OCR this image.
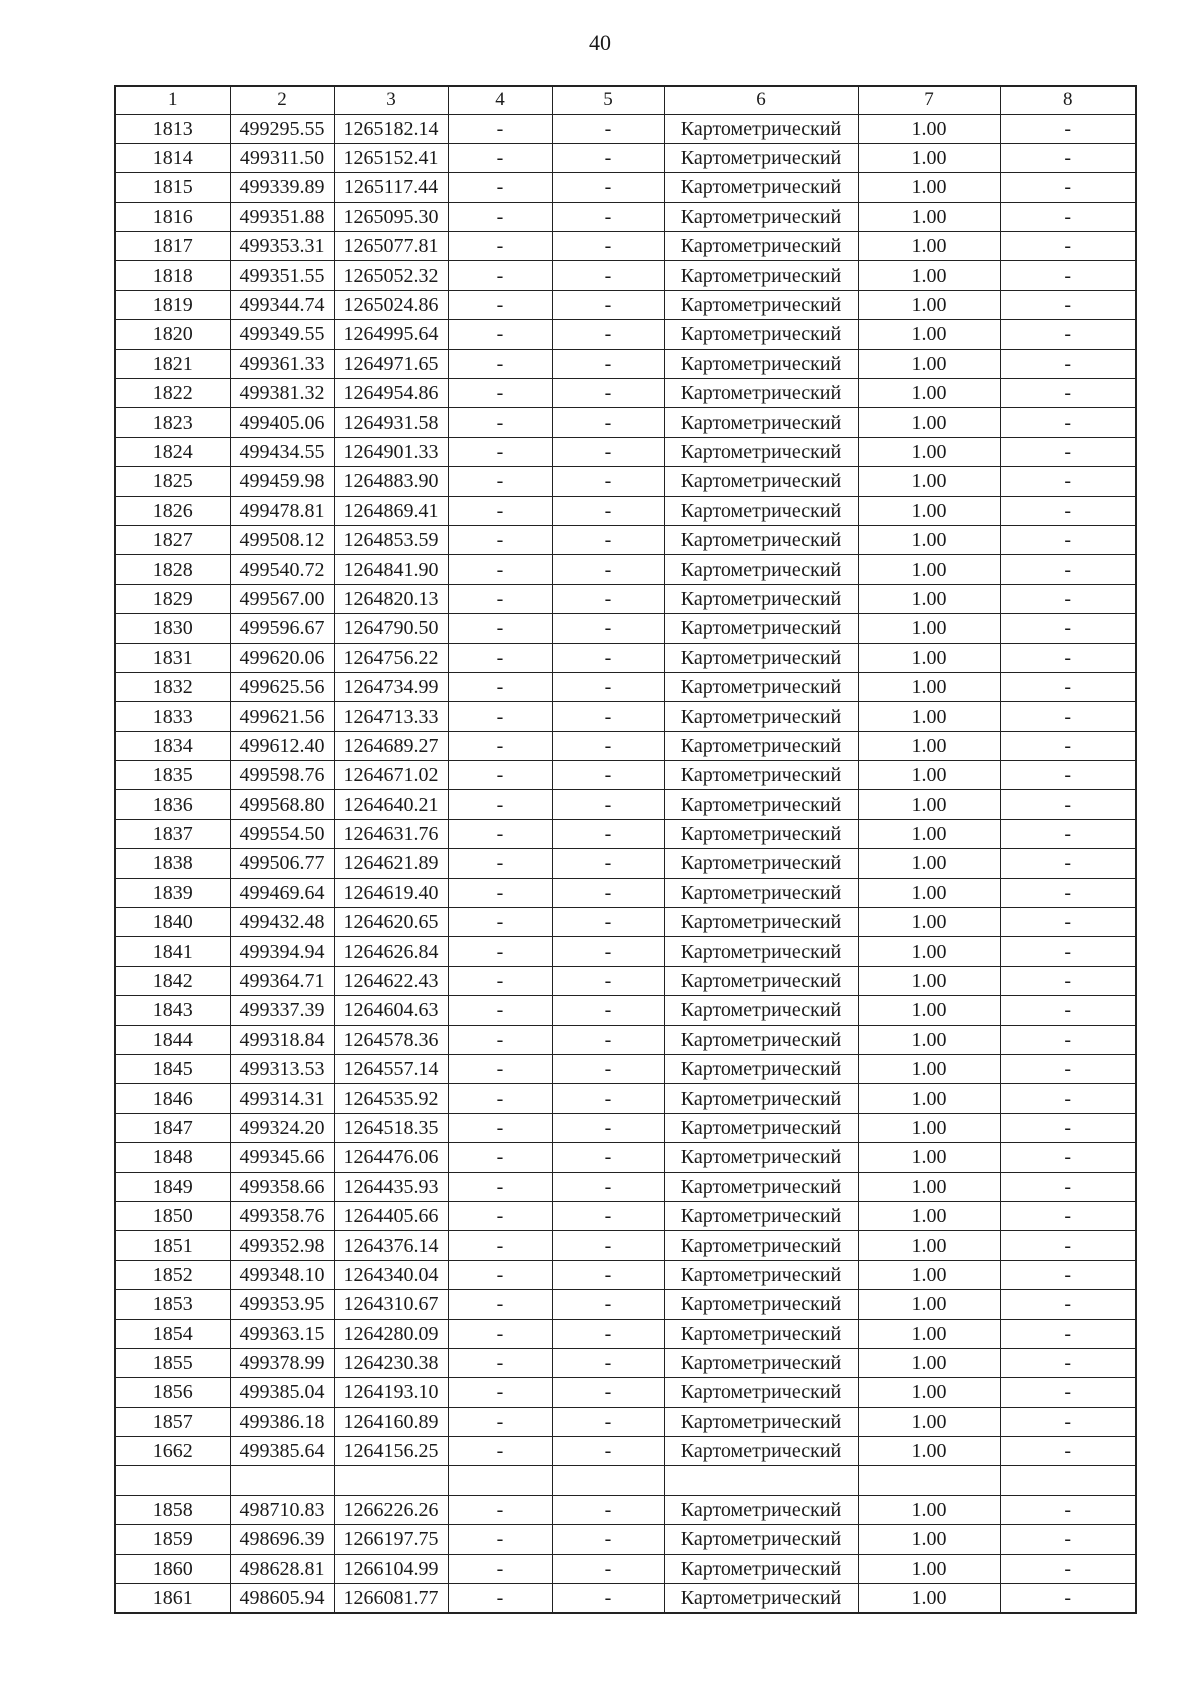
40
1	2	3	4	5	6	7	8
1813	499295.55	1265182.14	-	-	Картометрический	1.00	-
1814	499311.50	1265152.41	-	-	Картометрический	1.00	-
1815	499339.89	1265117.44	-	-	Картометрический	1.00	-
1816	499351.88	1265095.30	-	-	Картометрический	1.00	-
1817	499353.31	1265077.81	-	-	Картометрический	1.00	-
1818	499351.55	1265052.32	-	-	Картометрический	1.00	-
1819	499344.74	1265024.86	-	-	Картометрический	1.00	-
1820	499349.55	1264995.64	-	-	Картометрический	1.00	-
1821	499361.33	1264971.65	-	-	Картометрический	1.00	-
1822	499381.32	1264954.86	-	-	Картометрический	1.00	-
1823	499405.06	1264931.58	-	-	Картометрический	1.00	-
1824	499434.55	1264901.33	-	-	Картометрический	1.00	-
1825	499459.98	1264883.90	-	-	Картометрический	1.00	-
1826	499478.81	1264869.41	-	-	Картометрический	1.00	-
1827	499508.12	1264853.59	-	-	Картометрический	1.00	-
1828	499540.72	1264841.90	-	-	Картометрический	1.00	-
1829	499567.00	1264820.13	-	-	Картометрический	1.00	-
1830	499596.67	1264790.50	-	-	Картометрический	1.00	-
1831	499620.06	1264756.22	-	-	Картометрический	1.00	-
1832	499625.56	1264734.99	-	-	Картометрический	1.00	-
1833	499621.56	1264713.33	-	-	Картометрический	1.00	-
1834	499612.40	1264689.27	-	-	Картометрический	1.00	-
1835	499598.76	1264671.02	-	-	Картометрический	1.00	-
1836	499568.80	1264640.21	-	-	Картометрический	1.00	-
1837	499554.50	1264631.76	-	-	Картометрический	1.00	-
1838	499506.77	1264621.89	-	-	Картометрический	1.00	-
1839	499469.64	1264619.40	-	-	Картометрический	1.00	-
1840	499432.48	1264620.65	-	-	Картометрический	1.00	-
1841	499394.94	1264626.84	-	-	Картометрический	1.00	-
1842	499364.71	1264622.43	-	-	Картометрический	1.00	-
1843	499337.39	1264604.63	-	-	Картометрический	1.00	-
1844	499318.84	1264578.36	-	-	Картометрический	1.00	-
1845	499313.53	1264557.14	-	-	Картометрический	1.00	-
1846	499314.31	1264535.92	-	-	Картометрический	1.00	-
1847	499324.20	1264518.35	-	-	Картометрический	1.00	-
1848	499345.66	1264476.06	-	-	Картометрический	1.00	-
1849	499358.66	1264435.93	-	-	Картометрический	1.00	-
1850	499358.76	1264405.66	-	-	Картометрический	1.00	-
1851	499352.98	1264376.14	-	-	Картометрический	1.00	-
1852	499348.10	1264340.04	-	-	Картометрический	1.00	-
1853	499353.95	1264310.67	-	-	Картометрический	1.00	-
1854	499363.15	1264280.09	-	-	Картометрический	1.00	-
1855	499378.99	1264230.38	-	-	Картометрический	1.00	-
1856	499385.04	1264193.10	-	-	Картометрический	1.00	-
1857	499386.18	1264160.89	-	-	Картометрический	1.00	-
1662	499385.64	1264156.25	-	-	Картометрический	1.00	-

1858	498710.83	1266226.26	-	-	Картометрический	1.00	-
1859	498696.39	1266197.75	-	-	Картометрический	1.00	-
1860	498628.81	1266104.99	-	-	Картометрический	1.00	-
1861	498605.94	1266081.77	-	-	Картометрический	1.00	-
